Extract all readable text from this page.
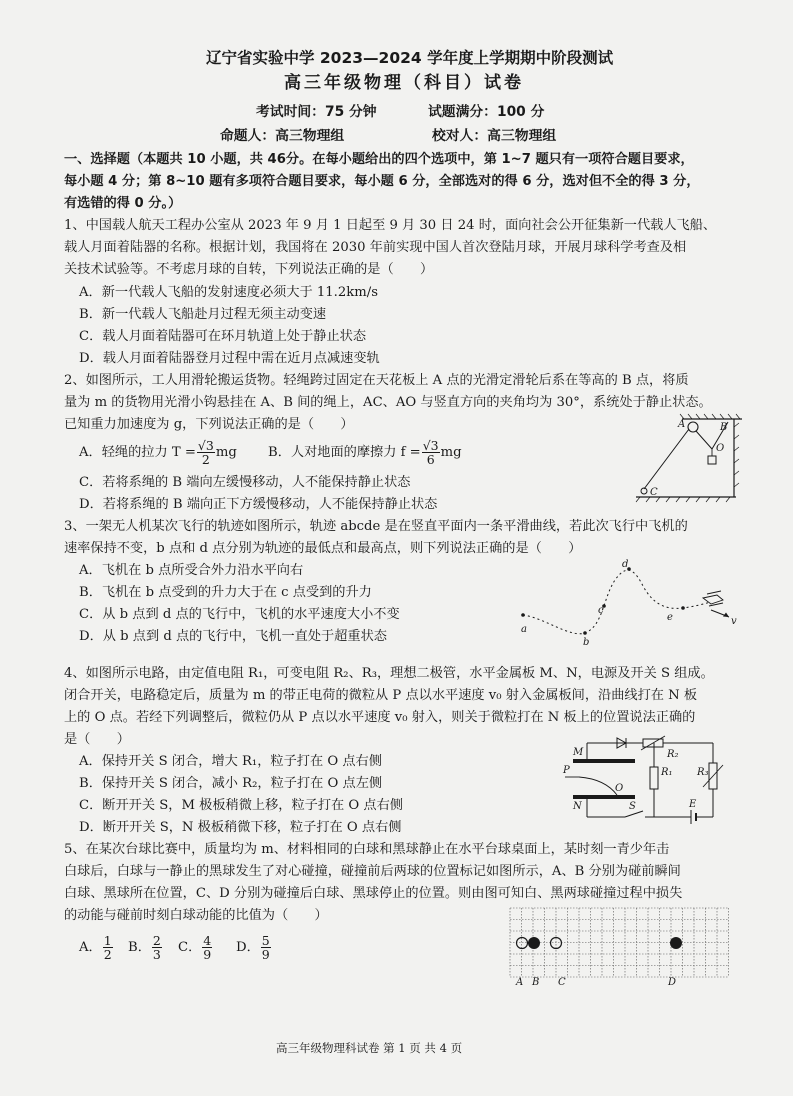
辽宁省实验中学 2023—2024 学年度上学期期中阶段测试
高三年级物理（科目）试卷
考试时间：75 分钟	试题满分：100 分
命题人：高三物理组	校对人：高三物理组
一、选择题（本题共 10 小题，共 46分。在每小题给出的四个选项中，第 1~7 题只有一项符合题目要求，
每小题 4 分；第 8~10 题有多项符合题目要求，每小题 6 分，全部选对的得 6 分，选对但不全的得 3 分，
有选错的得 0 分。）
1、中国载人航天工程办公室从 2023 年 9 月 1 日起至 9 月 30 日 24 时，面向社会公开征集新一代载人飞船、
载人月面着陆器的名称。根据计划，我国将在 2030 年前实现中国人首次登陆月球，开展月球科学考查及相
关技术试验等。不考虑月球的自转，下列说法正确的是（　　）
A．新一代载人飞船的发射速度必须大于 11.2km/s
B．新一代载人飞船赴月过程无须主动变速
C．载人月面着陆器可在环月轨道上处于静止状态
D．载人月面着陆器登月过程中需在近月点减速变轨
2、如图所示，工人用滑轮搬运货物。轻绳跨过固定在天花板上 A 点的光滑定滑轮后系在等高的 B 点，将质
量为 m 的货物用光滑小钩悬挂在 A、B 间的绳上，AC、AO 与竖直方向的夹角均为 30°，系统处于静止状态。
已知重力加速度为 g，下列说法正确的是（　　）
A．轻绳的拉力 $T = \frac{√3}{2}$ mg B．人对地面的摩擦力 $f = \frac{√3}{6}$ mg
C．若将系绳的 B 端向左缓慢移动，人不能保持静止状态
D．若将系绳的 B 端向正下方缓慢移动，人不能保持静止状态
A	B
O
C
3、一架无人机某次飞行的轨迹如图所示，轨迹 abcde 是在竖直平面内一条平滑曲线，若此次飞行中飞机的
速率保持不变，b 点和 d 点分别为轨迹的最低点和最高点，则下列说法正确的是（　　）
A．飞机在 b 点所受合外力沿水平向右
B．飞机在 b 点受到的升力大于在 c 点受到的升力
C．从 b 点到 d 点的飞行中，飞机的水平速度大小不变
D．从 b 点到 d 点的飞行中，飞机一直处于超重状态	a
b
c
d
e	v
4、如图所示电路，由定值电阻 R₁，可变电阻 R₂、R₃，理想二极管，水平金属板 M、N，电源及开关 S 组成。
闭合开关，电路稳定后，质量为 m 的带正电荷的微粒从 P 点以水平速度 v₀ 射入金属板间，沿曲线打在 N 板
上的 O 点。若经下列调整后，微粒仍从 P 点以水平速度 v₀ 射入，则关于微粒打在 N 板上的位置说法正确的
是（　　）
A．保持开关 S 闭合，增大 R₁，粒子打在 O 点右侧
B．保持开关 S 闭合，减小 R₂，粒子打在 O 点左侧
C．断开开关 S，M 极板稍微上移，粒子打在 O 点右侧
D．断开开关 S，N 极板稍微下移，粒子打在 O 点右侧
M
P
O
N	S	E
R₁
R₂
R₃
5、在某次台球比赛中，质量均为 m、材料相同的白球和黑球静止在水平台球桌面上，某时刻一青少年击
白球后，白球与一静止的黑球发生了对心碰撞，碰撞前后两球的位置标记如图所示，A、B 分别为碰前瞬间
白球、黑球所在位置，C、D 分别为碰撞后白球、黑球停止的位置。则由图可知白、黑两球碰撞过程中损失
的动能与碰前时刻白球动能的比值为（　　）
A． $\frac{1}{2}$ B． $\frac{2}{3}$ C． $\frac{4}{9}$ D． $\frac{5}{9}$
A B C	D
高三年级物理科试卷 第 1 页 共 4 页
